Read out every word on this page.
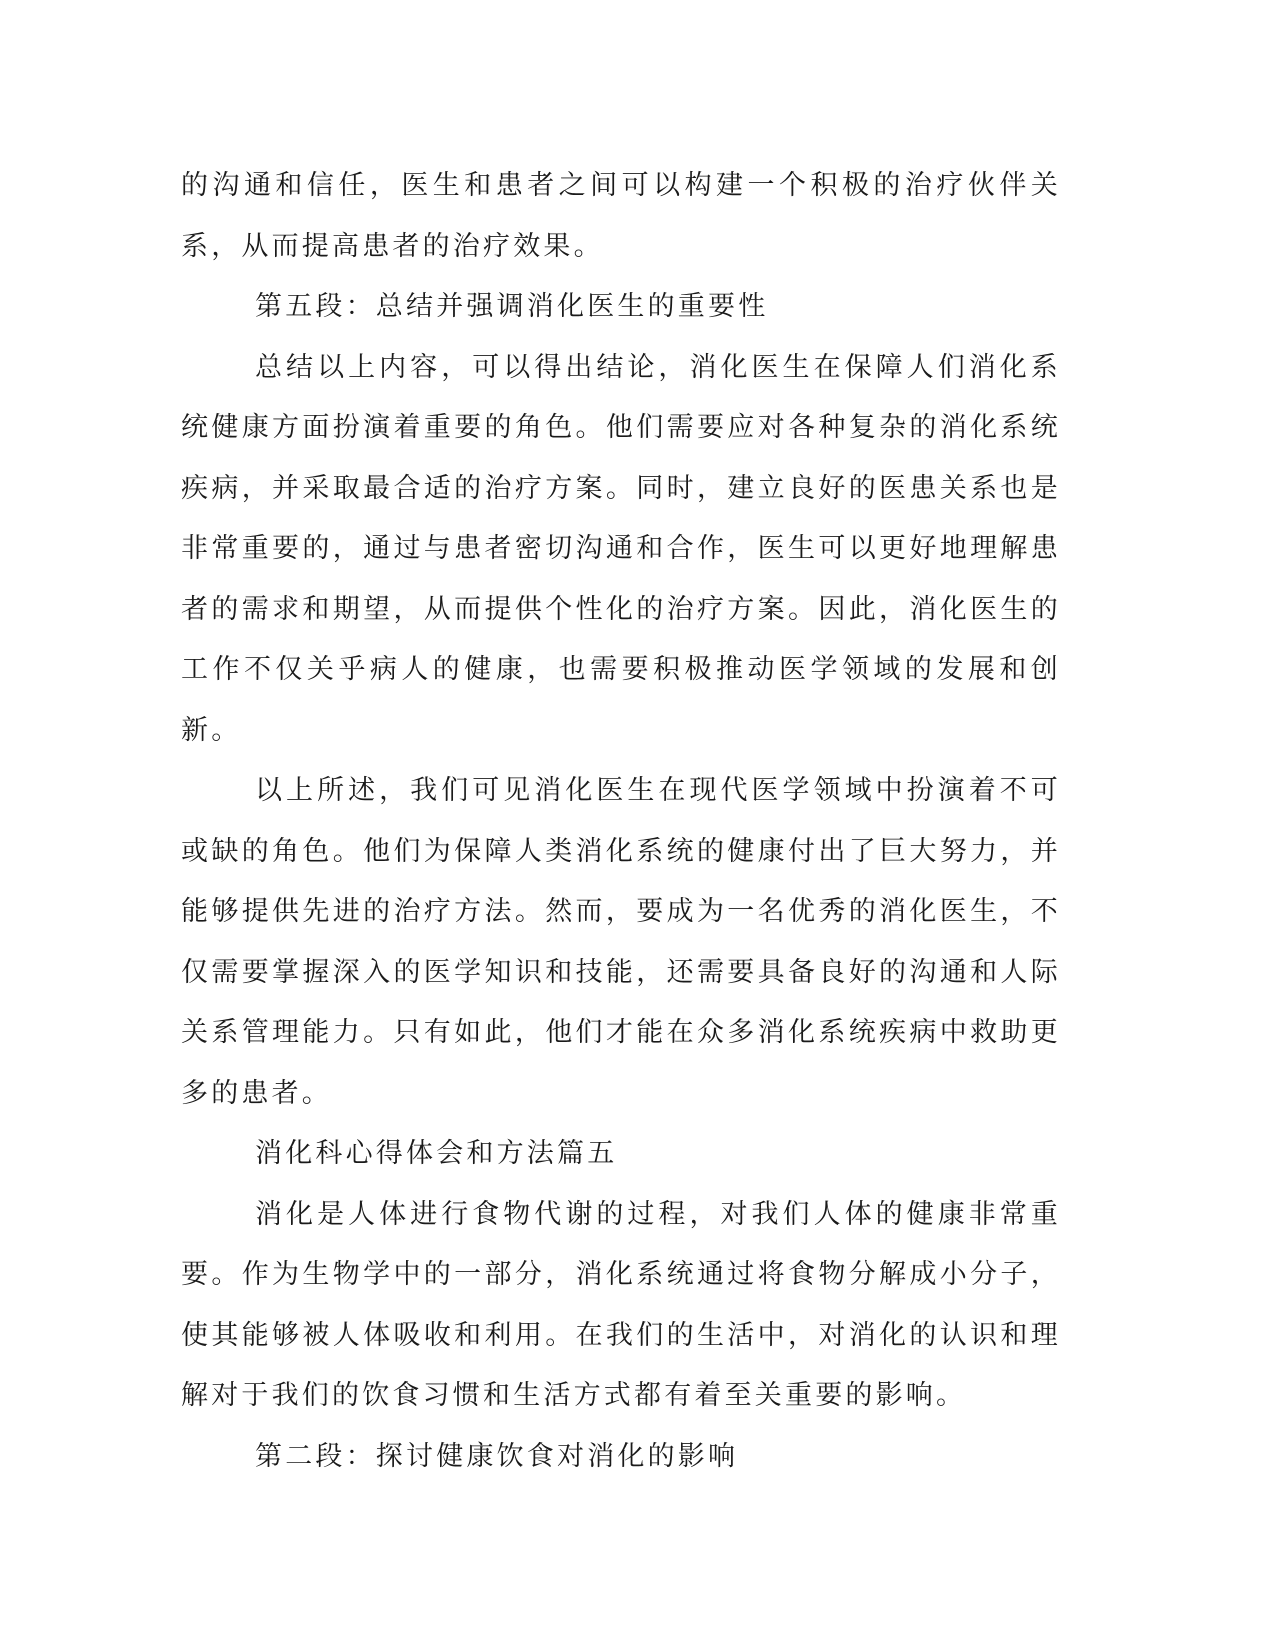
的沟通和信任，医生和患者之间可以构建一个积极的治疗伙伴关系，从而提高患者的治疗效果。

第五段：总结并强调消化医生的重要性

总结以上内容，可以得出结论，消化医生在保障人们消化系统健康方面扮演着重要的角色。他们需要应对各种复杂的消化系统疾病，并采取最合适的治疗方案。同时，建立良好的医患关系也是非常重要的，通过与患者密切沟通和合作，医生可以更好地理解患者的需求和期望，从而提供个性化的治疗方案。因此，消化医生的工作不仅关乎病人的健康，也需要积极推动医学领域的发展和创新。

以上所述，我们可见消化医生在现代医学领域中扮演着不可或缺的角色。他们为保障人类消化系统的健康付出了巨大努力，并能够提供先进的治疗方法。然而，要成为一名优秀的消化医生，不仅需要掌握深入的医学知识和技能，还需要具备良好的沟通和人际关系管理能力。只有如此，他们才能在众多消化系统疾病中救助更多的患者。

消化科心得体会和方法篇五

消化是人体进行食物代谢的过程，对我们人体的健康非常重要。作为生物学中的一部分，消化系统通过将食物分解成小分子，使其能够被人体吸收和利用。在我们的生活中，对消化的认识和理解对于我们的饮食习惯和生活方式都有着至关重要的影响。

第二段：探讨健康饮食对消化的影响
